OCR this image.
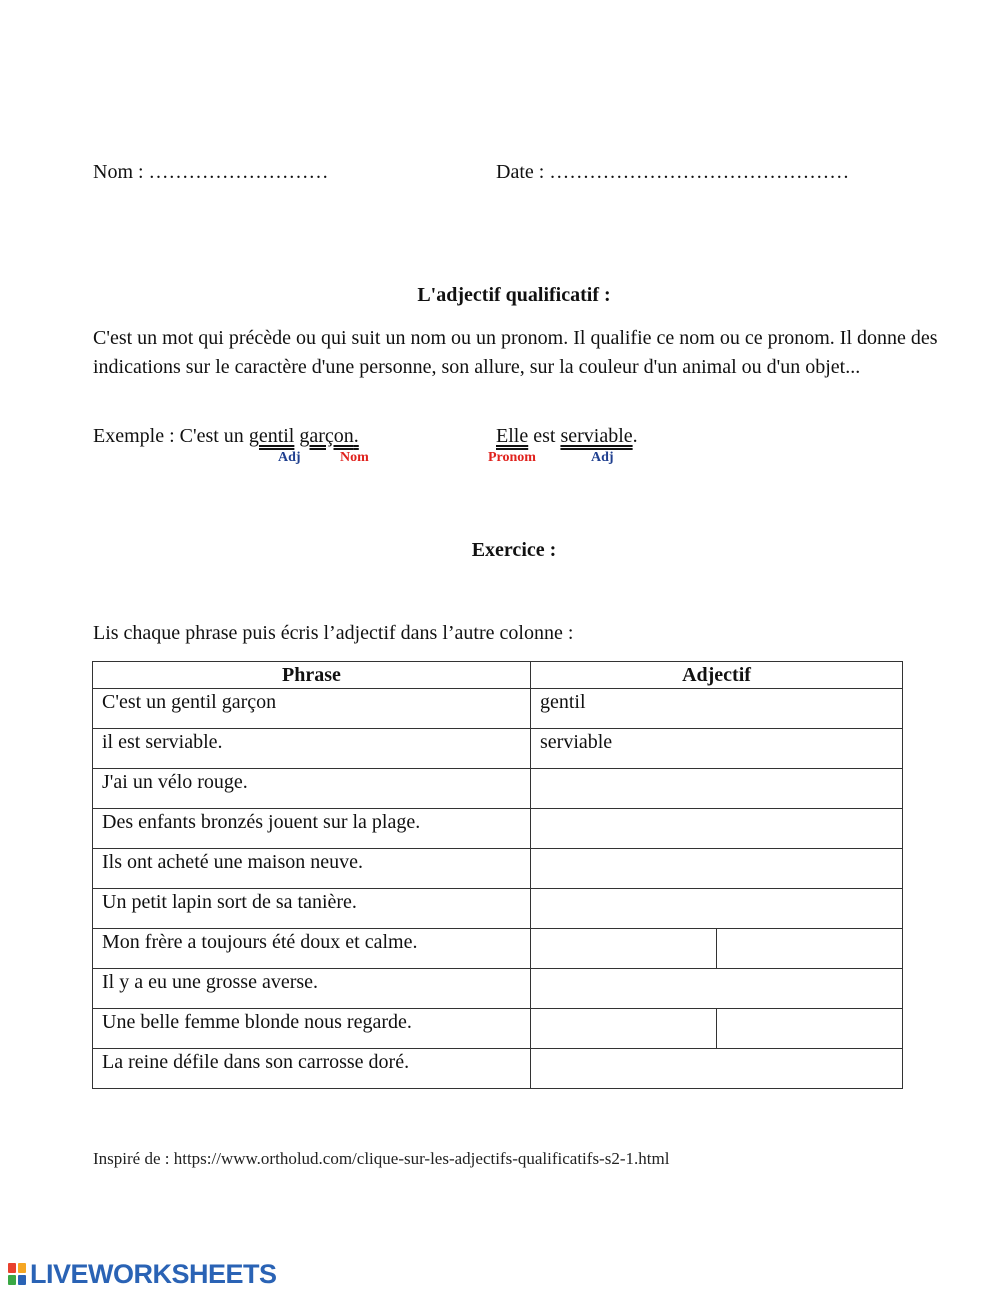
Nom : ………………………	Date : ………………………………………
L'adjectif qualificatif :
C'est un mot qui précède ou qui suit un nom ou un pronom. Il qualifie ce nom ou ce pronom. Il donne des indications sur le caractère d'une personne, son allure, sur la couleur d'un animal ou d'un objet...
Exemple : C'est un gentil garçon.	Elle est serviable.
Adj	Nom	Pronom	Adj
Exercice :
Lis chaque phrase puis écris l’adjectif dans l’autre colonne :
Phrase	Adjectif
C'est un gentil garçon	gentil
il est serviable.	serviable
J'ai un vélo rouge.	
Des enfants bronzés jouent sur la plage.	
Ils ont acheté une maison neuve.	
Un petit lapin sort de sa tanière.	
Mon frère a toujours été doux et calme.	

Il y a eu une grosse averse.	
Une belle femme blonde nous regarde.	

La reine défile dans son carrosse doré.	
Inspiré de : https://www.ortholud.com/clique-sur-les-adjectifs-qualificatifs-s2-1.html
LIVEWORKSHEETS
